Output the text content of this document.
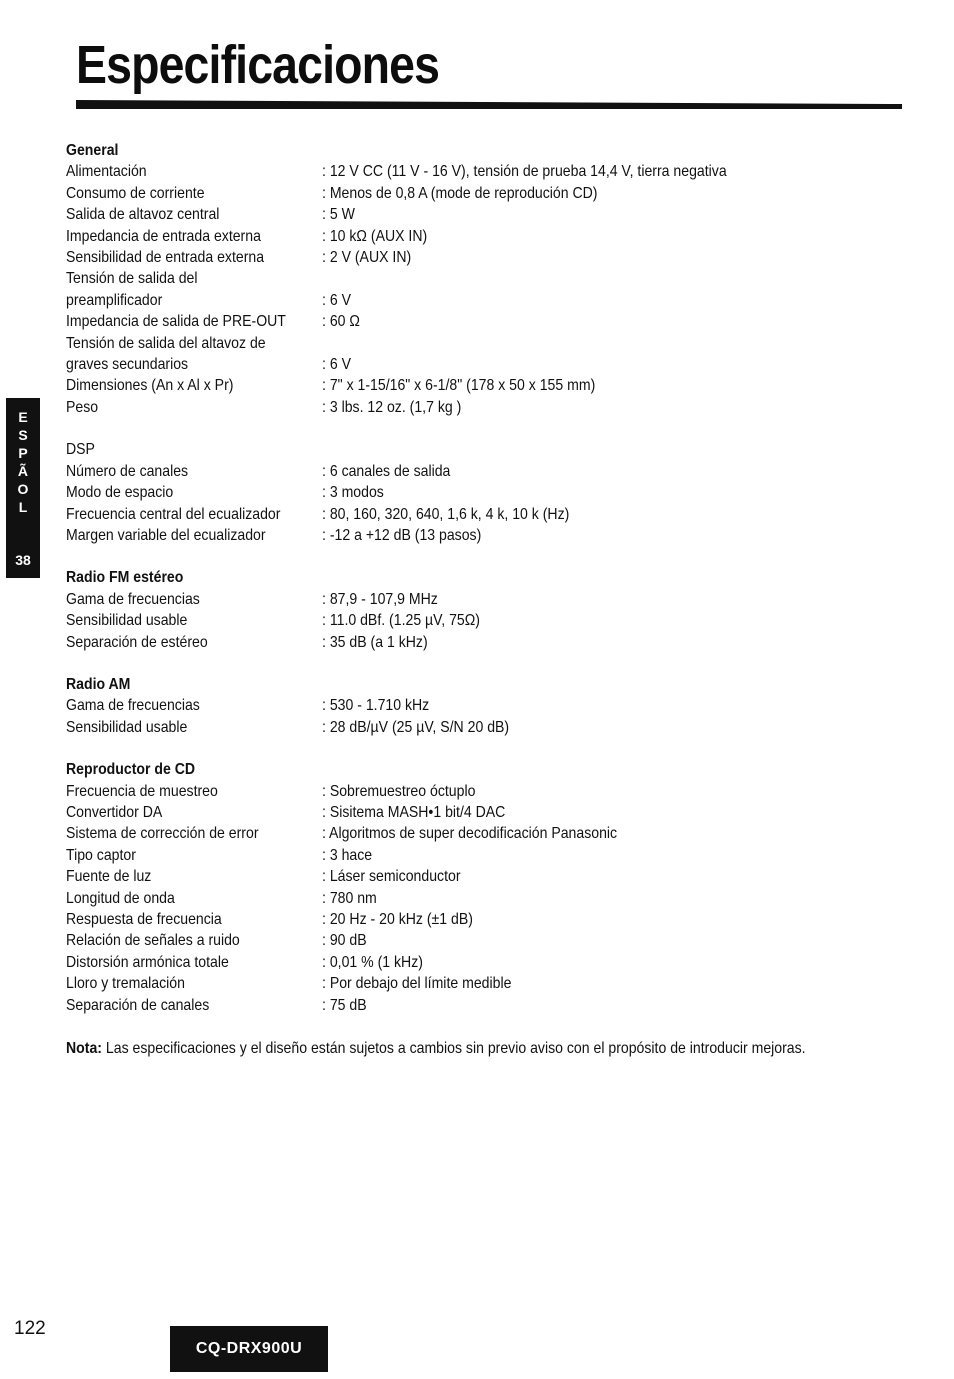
Especificaciones
E
S
P
Ã
O
L
38
General
Alimentación	: 12 V CC (11 V - 16 V), tensión de prueba 14,4 V, tierra negativa
Consumo de corriente	: Menos de 0,8 A (mode de reprodución CD)
Salida de altavoz central	: 5 W
Impedancia de entrada externa	: 10 kΩ (AUX IN)
Sensibilidad de entrada externa	: 2 V (AUX IN)
Tensión de salida del
preamplificador	: 6 V
Impedancia de salida de PRE-OUT	: 60 Ω
Tensión de salida del altavoz de
graves secundarios	: 6 V
Dimensiones (An x Al x Pr)	: 7" x 1-15/16" x 6-1/8" (178 x 50 x 155 mm)
Peso	: 3 lbs. 12 oz. (1,7 kg )
DSP
Número de canales	: 6 canales de salida
Modo de espacio	: 3 modos
Frecuencia central del ecualizador	: 80, 160, 320, 640, 1,6 k, 4 k, 10 k (Hz)
Margen variable del ecualizador	: -12 a +12 dB (13 pasos)
Radio FM estéreo
Gama de frecuencias	: 87,9 - 107,9 MHz
Sensibilidad usable	: 11.0 dBf. (1.25 µV, 75Ω)
Separación de estéreo	: 35 dB (a 1 kHz)
Radio AM
Gama de frecuencias	: 530 - 1.710 kHz
Sensibilidad usable	: 28 dB/µV (25 µV, S/N 20 dB)
Reproductor de CD
Frecuencia de muestreo	: Sobremuestreo óctuplo
Convertidor DA	: Sisitema MASH•1 bit/4 DAC
Sistema de corrección de error	: Algoritmos de super decodificación Panasonic
Tipo captor	: 3 hace
Fuente de luz	: Láser semiconductor
Longitud de onda	: 780 nm
Respuesta de frecuencia	: 20 Hz - 20 kHz (±1 dB)
Relación de señales a ruido	: 90 dB
Distorsión armónica totale	: 0,01 % (1 kHz)
Lloro y tremalación	: Por debajo del límite medible
Separación de canales	: 75 dB
Nota: Las especificaciones y el diseño están sujetos a cambios sin previo aviso con el propósito de introducir mejoras.
122
CQ-DRX900U
